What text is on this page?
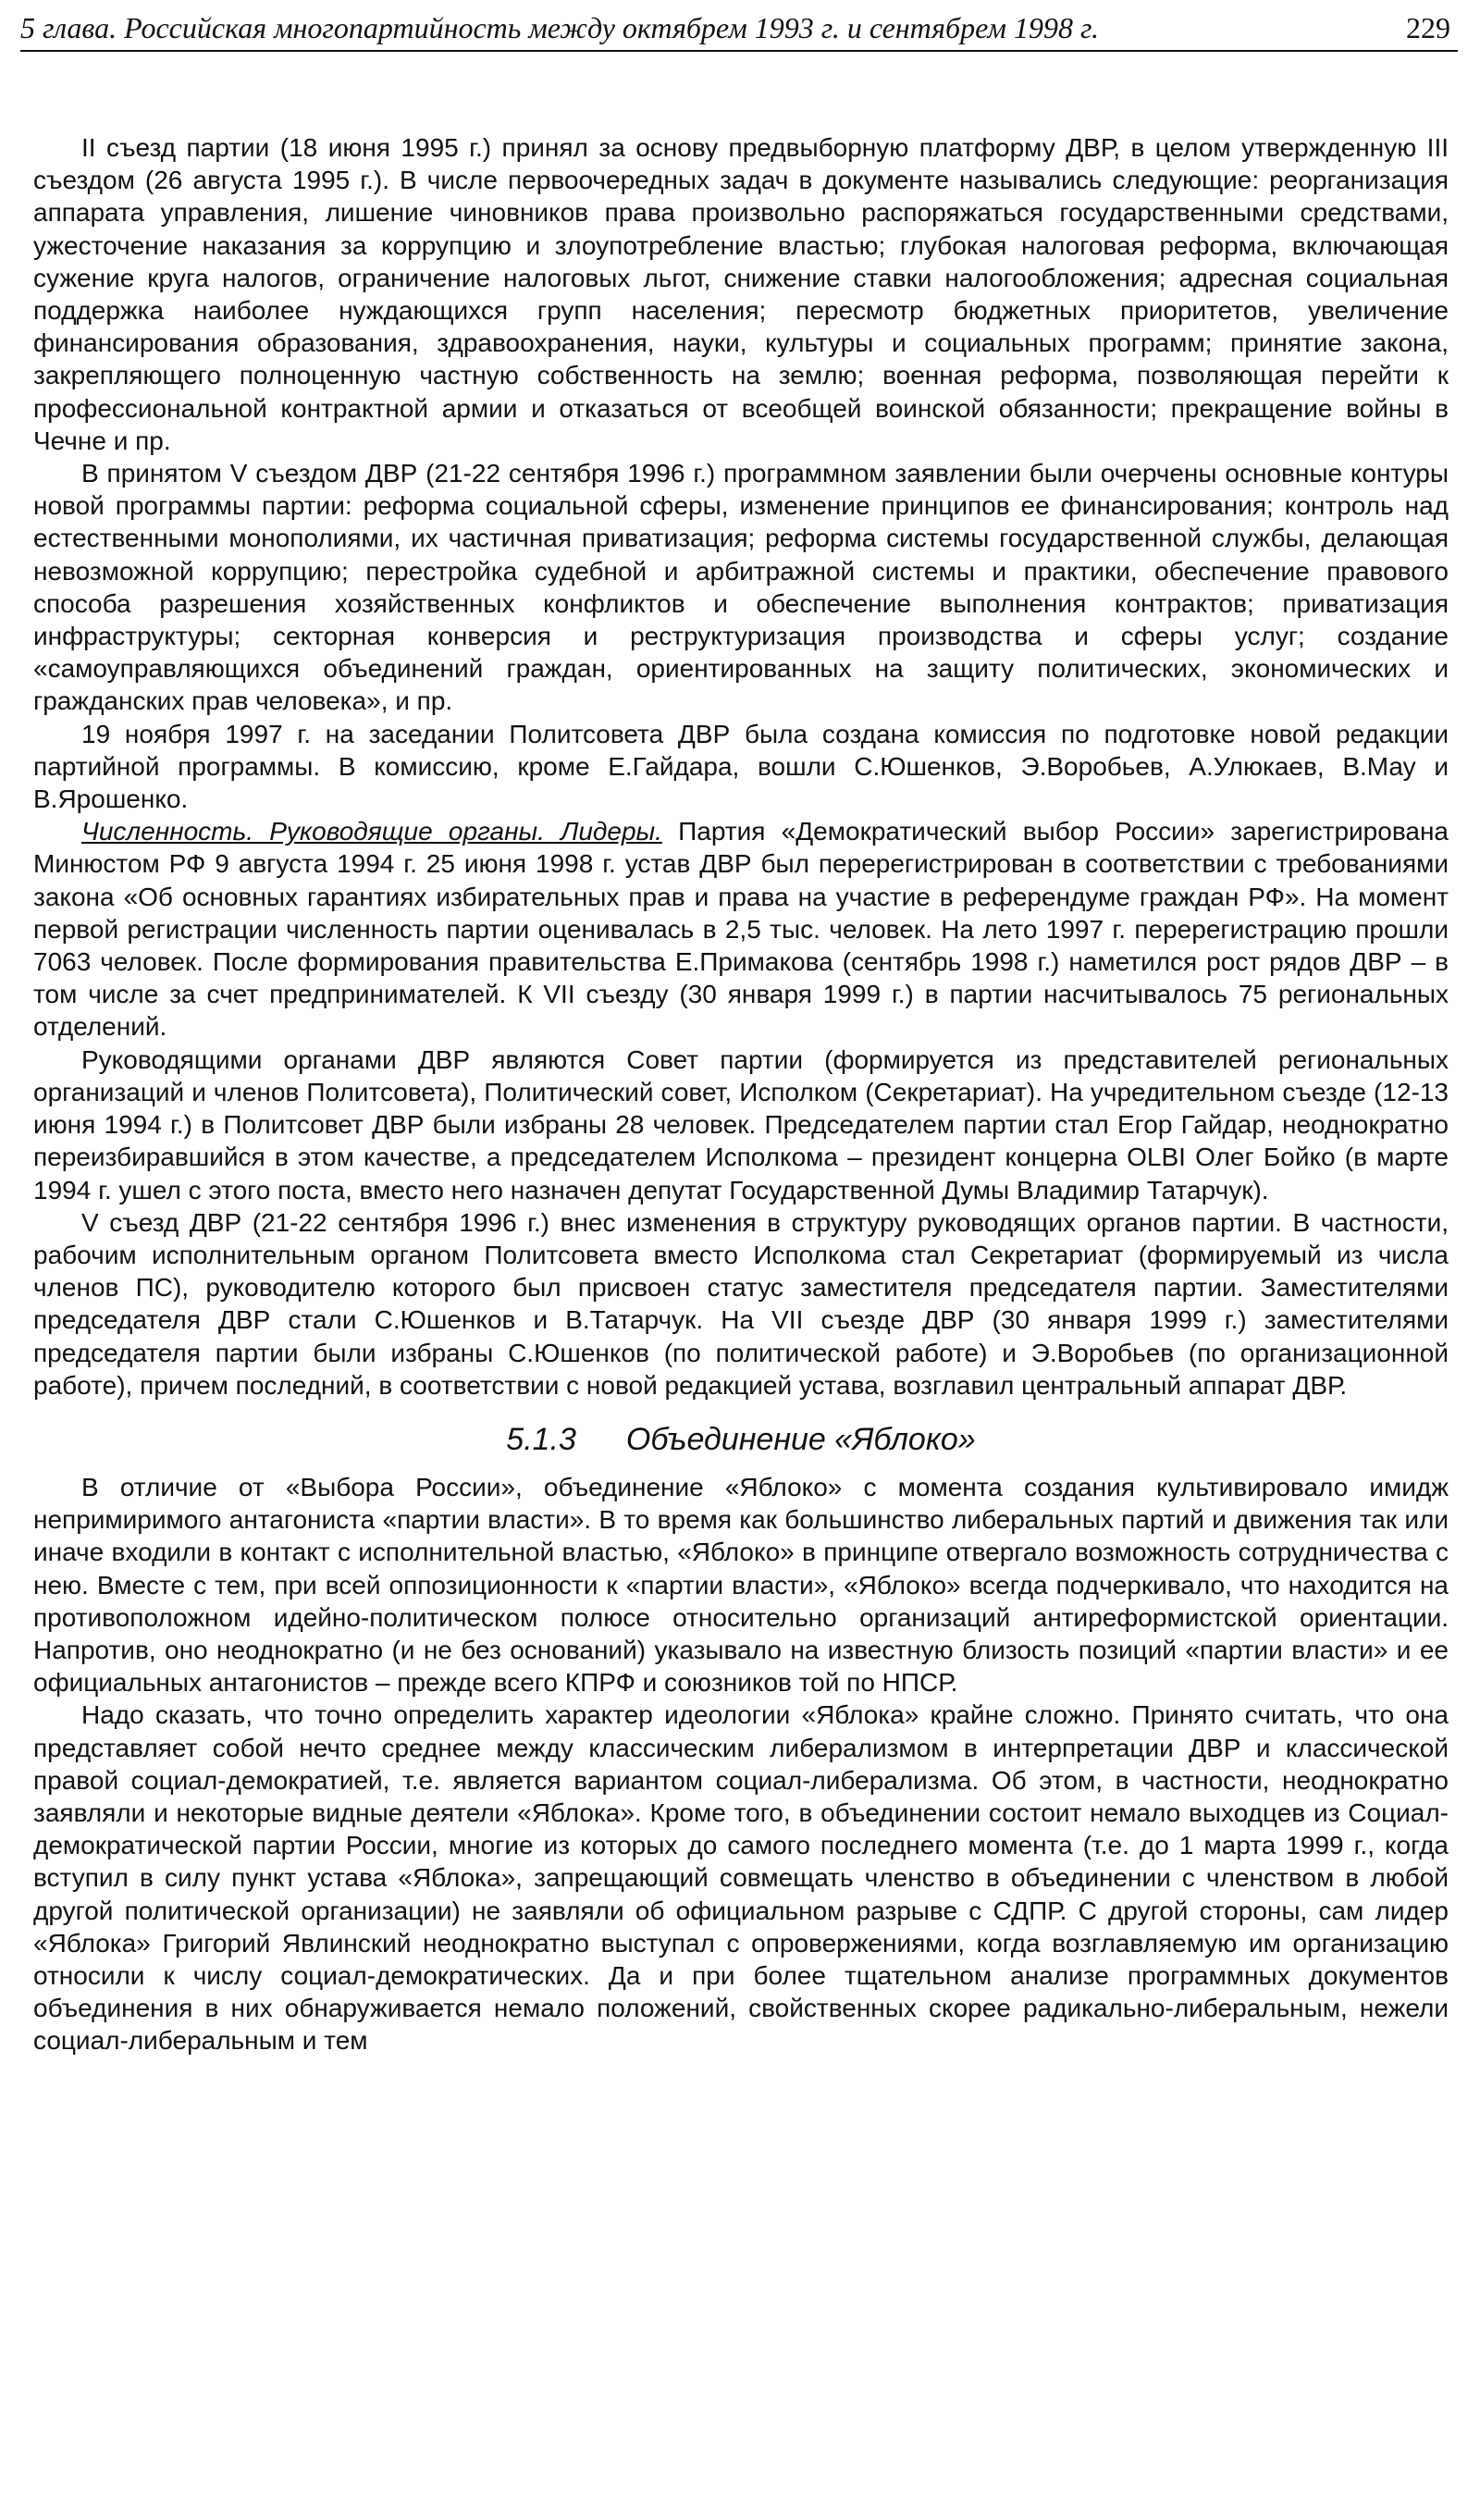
5 глава. Российская многопартийность между октябрем 1993 г. и сентябрем 1998 г.	229

II съезд партии (18 июня 1995 г.) принял за основу предвыборную платформу ДВР, в целом утвержденную III съездом (26 августа 1995 г.). В числе первоочередных задач в документе назывались следующие: реорганизация аппарата управления, лишение чиновников права произвольно распоряжаться государственными средствами, ужесточение наказания за коррупцию и злоупотребление властью; глубокая налоговая реформа, включающая сужение круга налогов, ограничение налоговых льгот, снижение ставки налогообложения; адресная социальная поддержка наиболее нуждающихся групп населения; пересмотр бюджетных приоритетов, увеличение финансирования образования, здравоохранения, науки, культуры и социальных программ; принятие закона, закрепляющего полноценную частную собственность на землю; военная реформа, позволяющая перейти к профессиональной контрактной армии и отказаться от всеобщей воинской обязанности; прекращение войны в Чечне и пр.

В принятом V съездом ДВР (21-22 сентября 1996 г.) программном заявлении были очерчены основные контуры новой программы партии: реформа социальной сферы, изменение принципов ее финансирования; контроль над естественными монополиями, их частичная приватизация; реформа системы государственной службы, делающая невозможной коррупцию; перестройка судебной и арбитражной системы и практики, обеспечение правового способа разрешения хозяйственных конфликтов и обеспечение выполнения контрактов; приватизация инфраструктуры; секторная конверсия и реструктуризация производства и сферы услуг; создание «самоуправляющихся объединений граждан, ориентированных на защиту политических, экономических и гражданских прав человека», и пр.

19 ноября 1997 г. на заседании Политсовета ДВР была создана комиссия по подготовке новой редакции партийной программы. В комиссию, кроме Е.Гайдара, вошли С.Юшенков, Э.Воробьев, А.Улюкаев, В.Мау и В.Ярошенко.

Численность. Руководящие органы. Лидеры. Партия «Демократический выбор России» зарегистрирована Минюстом РФ 9 августа 1994 г. 25 июня 1998 г. устав ДВР был перерегистрирован в соответствии с требованиями закона «Об основных гарантиях избирательных прав и права на участие в референдуме граждан РФ». На момент первой регистрации численность партии оценивалась в 2,5 тыс. человек. На лето 1997 г. перерегистрацию прошли 7063 человек. После формирования правительства Е.Примакова (сентябрь 1998 г.) наметился рост рядов ДВР – в том числе за счет предпринимателей. К VII съезду (30 января 1999 г.) в партии насчитывалось 75 региональных отделений.

Руководящими органами ДВР являются Совет партии (формируется из представителей региональных организаций и членов Политсовета), Политический совет, Исполком (Секретариат). На учредительном съезде (12-13 июня 1994 г.) в Политсовет ДВР были избраны 28 человек. Председателем партии стал Егор Гайдар, неоднократно переизбиравшийся в этом качестве, а председателем Исполкома – президент концерна OLBI Олег Бойко (в марте 1994 г. ушел с этого поста, вместо него назначен депутат Государственной Думы Владимир Татарчук).

V съезд ДВР (21-22 сентября 1996 г.) внес изменения в структуру руководящих органов партии. В частности, рабочим исполнительным органом Политсовета вместо Исполкома стал Секретариат (формируемый из числа членов ПС), руководителю которого был присвоен статус заместителя председателя партии. Заместителями председателя ДВР стали С.Юшенков и В.Татарчук. На VII съезде ДВР (30 января 1999 г.) заместителями председателя партии были избраны С.Юшенков (по политической работе) и Э.Воробьев (по организационной работе), причем последний, в соответствии с новой редакцией устава, возглавил центральный аппарат ДВР.

5.1.3 Объединение «Яблоко»

В отличие от «Выбора России», объединение «Яблоко» с момента создания культивировало имидж непримиримого антагониста «партии власти». В то время как большинство либеральных партий и движения так или иначе входили в контакт с исполнительной властью, «Яблоко» в принципе отвергало возможность сотрудничества с нею. Вместе с тем, при всей оппозиционности к «партии власти», «Яблоко» всегда подчеркивало, что находится на противоположном идейно-политическом полюсе относительно организаций антиреформистской ориентации. Напротив, оно неоднократно (и не без оснований) указывало на известную близость позиций «партии власти» и ее официальных антагонистов – прежде всего КПРФ и союзников той по НПСР.

Надо сказать, что точно определить характер идеологии «Яблока» крайне сложно. Принято считать, что она представляет собой нечто среднее между классическим либерализмом в интерпретации ДВР и классической правой социал-демократией, т.е. является вариантом социал-либерализма. Об этом, в частности, неоднократно заявляли и некоторые видные деятели «Яблока». Кроме того, в объединении состоит немало выходцев из Социал-демократической партии России, многие из которых до самого последнего момента (т.е. до 1 марта 1999 г., когда вступил в силу пункт устава «Яблока», запрещающий совмещать членство в объединении с членством в любой другой политической организации) не заявляли об официальном разрыве с СДПР. С другой стороны, сам лидер «Яблока» Григорий Явлинский неоднократно выступал с опровержениями, когда возглавляемую им организацию относили к числу социал-демократических. Да и при более тщательном анализе программных документов объединения в них обнаруживается немало положений, свойственных скорее радикально-либеральным, нежели социал-либеральным и тем
